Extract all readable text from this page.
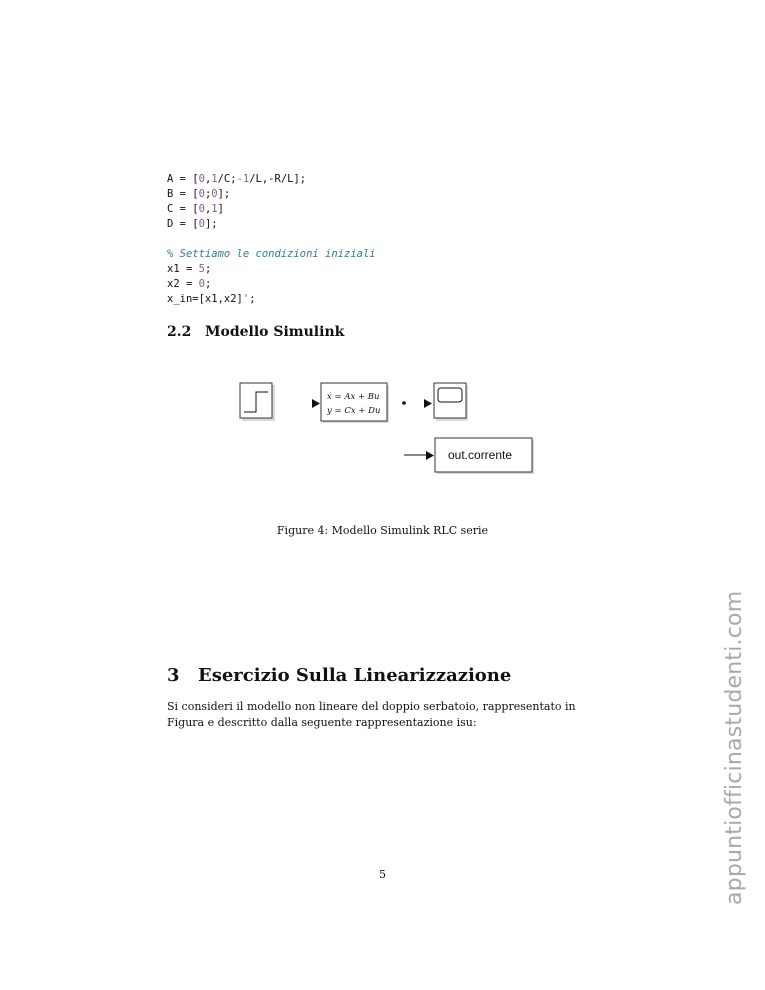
A = [0,1/C;-1/L,-R/L];
B = [0;0];
C = [0,1]
D = [0];
% Settiamo le condizioni iniziali
x1 = 5;
x2 = 0;
x_in=[x1,x2]';
2.2 Modello Simulink
ẋ = Ax + Bu
y = Cx + Du
out.corrente
Figure 4: Modello Simulink RLC serie
3 Esercizio Sulla Linearizzazione
Si consideri il modello non lineare del doppio serbatoio, rappresentato in Figura e descritto dalla seguente rappresentazione isu:
5	appuntiofficinastudenti.com
